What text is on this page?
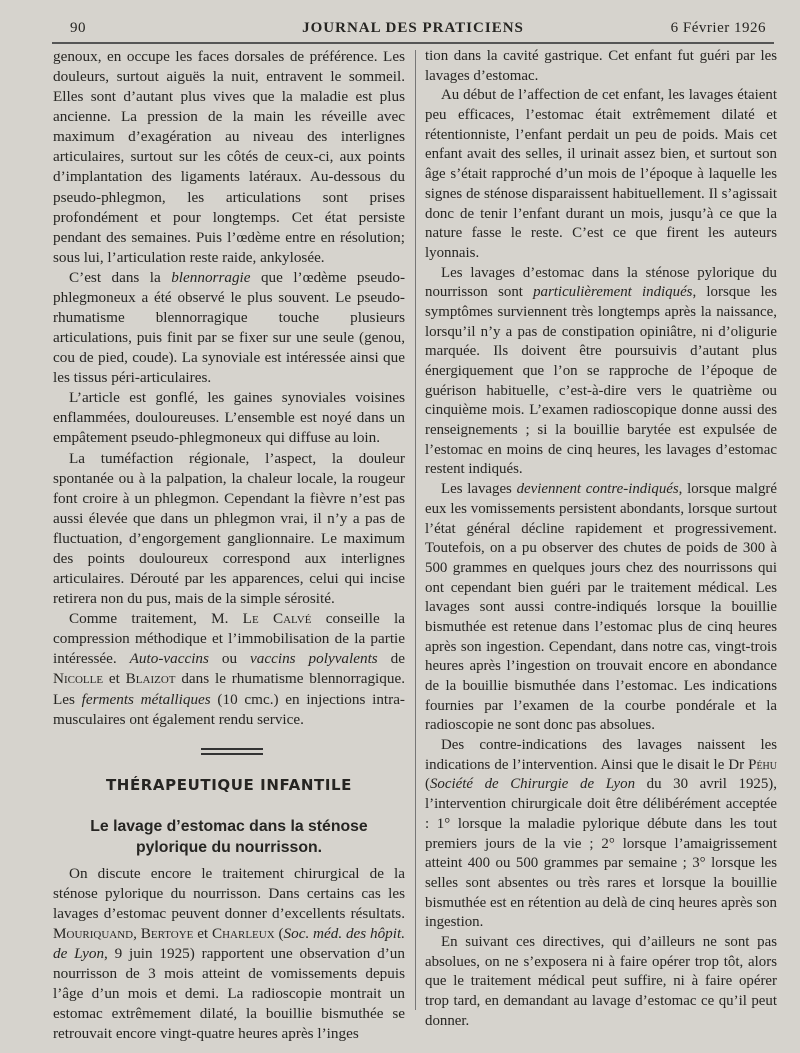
90	JOURNAL DES PRATICIENS	6 Février 1926

genoux, en occupe les faces dorsales de préférence. Les douleurs, surtout aiguës la nuit, entravent le sommeil. Elles sont d’autant plus vives que la maladie est plus ancienne. La pression de la main les réveille avec maximum d’exagération au niveau des interlignes articulaires, surtout sur les côtés de ceux-ci, aux points d’implantation des ligaments latéraux. Au-dessous du pseudo-phlegmon, les articulations sont prises profondément et pour longtemps. Cet état persiste pendant des semaines. Puis l’œdème entre en résolution; sous lui, l’articulation reste raide, ankylosée.

C’est dans la blennorragie que l’œdème pseudophlegmoneux a été observé le plus souvent. Le pseudo-rhumatisme blennorragique touche plusieurs articulations, puis finit par se fixer sur une seule (genou, cou de pied, coude). La synoviale est intéressée ainsi que les tissus péri-articulaires.

L’article est gonflé, les gaines synoviales voisines enflammées, douloureuses. L’ensemble est noyé dans un empâtement pseudo-phlegmoneux qui diffuse au loin.

La tuméfaction régionale, l’aspect, la douleur spontanée ou à la palpation, la chaleur locale, la rougeur font croire à un phlegmon. Cependant la fièvre n’est pas aussi élevée que dans un phlegmon vrai, il n’y a pas de fluctuation, d’engorgement ganglionnaire. Le maximum des points douloureux correspond aux interlignes articulaires. Dérouté par les apparences, celui qui incise retirera non du pus, mais de la simple sérosité.

Comme traitement, M. Le Calvé conseille la compression méthodique et l’immobilisation de la partie intéressée. Auto-vaccins ou vaccins polyvalents de Nicolle et Blaizot dans le rhumatisme blennorragique. Les ferments métalliques (10 cmc.) en injections intra-musculaires ont également rendu service.

THÉRAPEUTIQUE INFANTILE
Le lavage d’estomac dans la sténose pylorique du nourrisson.

On discute encore le traitement chirurgical de la sténose pylorique du nourrisson. Dans certains cas les lavages d’estomac peuvent donner d’excellents résultats. Mouriquand, Bertoye et Charleux (Soc. méd. des hôpit. de Lyon, 9 juin 1925) rapportent une observation d’un nourrisson de 3 mois atteint de vomissements depuis l’âge d’un mois et demi. La radioscopie montrait un estomac extrêmement dilaté, la bouillie bismuthée se retrouvait encore vingt-quatre heures après l’inges

tion dans la cavité gastrique. Cet enfant fut guéri par les lavages d’estomac.

Au début de l’affection de cet enfant, les lavages étaient peu efficaces, l’estomac était extrêmement dilaté et rétentionniste, l’enfant perdait un peu de poids. Mais cet enfant avait des selles, il urinait assez bien, et surtout son âge s’était rapproché d’un mois de l’époque à laquelle les signes de sténose disparaissent habituellement. Il s’agissait donc de tenir l’enfant durant un mois, jusqu’à ce que la nature fasse le reste. C’est ce que firent les auteurs lyonnais.

Les lavages d’estomac dans la sténose pylorique du nourrisson sont particulièrement indiqués, lorsque les symptômes surviennent très longtemps après la naissance, lorsqu’il n’y a pas de constipation opiniâtre, ni d’oligurie marquée. Ils doivent être poursuivis d’autant plus énergiquement que l’on se rapproche de l’époque de guérison habituelle, c’est-à-dire vers le quatrième ou cinquième mois. L’examen radioscopique donne aussi des renseignements ; si la bouillie barytée est expulsée de l’estomac en moins de cinq heures, les lavages d’estomac restent indiqués.

Les lavages deviennent contre-indiqués, lorsque malgré eux les vomissements persistent abondants, lorsque surtout l’état général décline rapidement et progressivement. Toutefois, on a pu observer des chutes de poids de 300 à 500 grammes en quelques jours chez des nourrissons qui ont cependant bien guéri par le traitement médical. Les lavages sont aussi contre-indiqués lorsque la bouillie bismuthée est retenue dans l’estomac plus de cinq heures après son ingestion. Cependant, dans notre cas, vingt-trois heures après l’ingestion on trouvait encore en abondance de la bouillie bismuthée dans l’estomac. Les indications fournies par l’examen de la courbe pondérale et la radioscopie ne sont donc pas absolues.

Des contre-indications des lavages naissent les indications de l’intervention. Ainsi que le disait le Dr Péhu (Société de Chirurgie de Lyon du 30 avril 1925), l’intervention chirurgicale doit être délibérément acceptée : 1° lorsque la maladie pylorique débute dans les tout premiers jours de la vie ; 2° lorsque l’amaigrissement atteint 400 ou 500 grammes par semaine ; 3° lorsque les selles sont absentes ou très rares et lorsque la bouillie bismuthée est en rétention au delà de cinq heures après son ingestion.

En suivant ces directives, qui d’ailleurs ne sont pas absolues, on ne s’exposera ni à faire opérer trop tôt, alors que le traitement médical peut suffire, ni à faire opérer trop tard, en demandant au lavage d’estomac ce qu’il peut donner.
